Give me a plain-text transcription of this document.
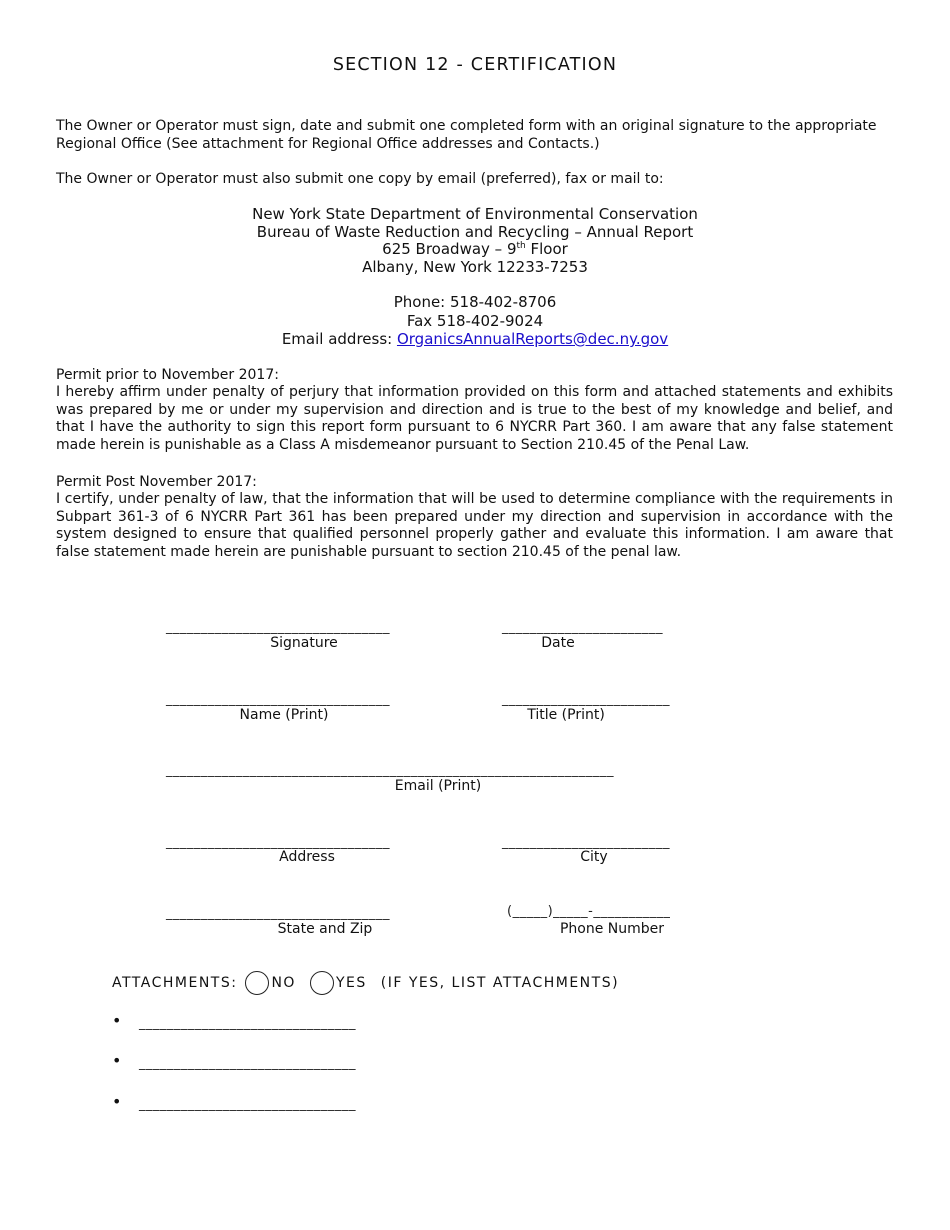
SECTION 12 - CERTIFICATION
The Owner or Operator must sign, date and submit one completed form with an original signature to the appropriate Regional Office (See attachment for Regional Office addresses and Contacts.)
The Owner or Operator must also submit one copy by email (preferred), fax or mail to:
New York State Department of Environmental Conservation
Bureau of Waste Reduction and Recycling – Annual Report
625 Broadway – 9th Floor
Albany, New York 12233-7253
Phone: 518-402-8706
Fax 518-402-9024
Email address: OrganicsAnnualReports@dec.ny.gov
Permit prior to November 2017:
I hereby affirm under penalty of perjury that information provided on this form and attached statements and exhibits was prepared by me or under my supervision and direction and is true to the best of my knowledge and belief, and that I have the authority to sign this report form pursuant to 6 NYCRR Part 360. I am aware that any false statement made herein is punishable as a Class A misdemeanor pursuant to Section 210.45 of the Penal Law.
Permit Post November 2017:
I certify, under penalty of law, that the information that will be used to determine compliance with the requirements in Subpart 361-3 of 6 NYCRR Part 361 has been prepared under my direction and supervision in accordance with the system designed to ensure that qualified personnel properly gather and evaluate this information. I am aware that false statement made herein are punishable pursuant to section 210.45 of the penal law.
________________________________
Signature
_______________________
Date
________________________________
Name (Print)
________________________
Title (Print)
________________________________________________________________
Email (Print)
________________________________
Address
________________________
City
________________________________
State and Zip
(_____)_____-___________
Phone Number
ATTACHMENTS: NO	YES (IF YES, LIST ATTACHMENTS)
• _______________________________
• _______________________________
• _______________________________
